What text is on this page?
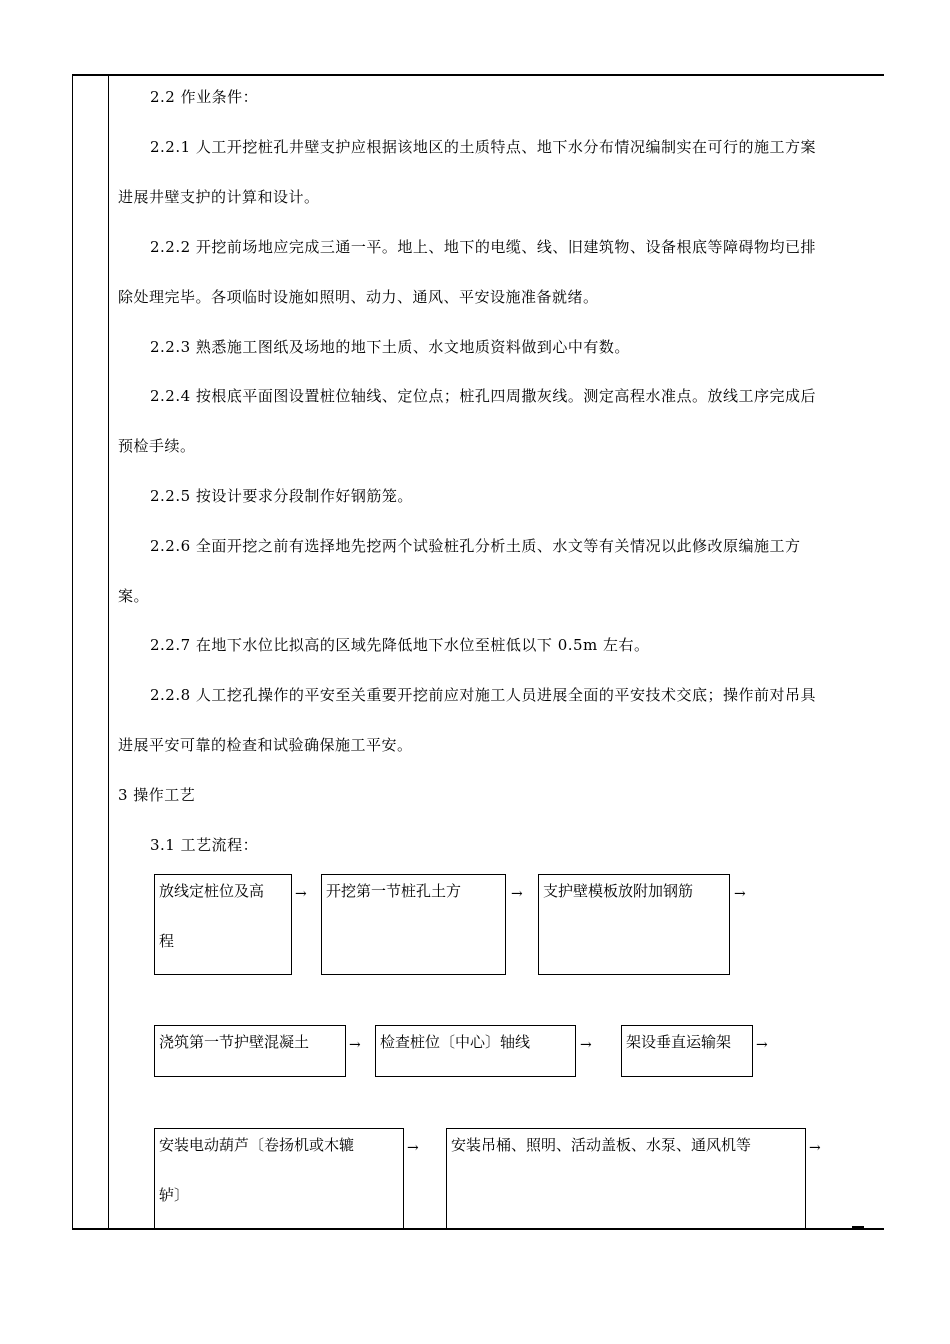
2.2 作业条件：
2.2.1 人工开挖桩孔井壁支护应根据该地区的土质特点、地下水分布情况编制实在可行的施工方案
进展井壁支护的计算和设计。
2.2.2 开挖前场地应完成三通一平。地上、地下的电缆、线、旧建筑物、设备根底等障碍物均已排
除处理完毕。各项临时设施如照明、动力、通风、平安设施准备就绪。
2.2.3 熟悉施工图纸及场地的地下土质、水文地质资料做到心中有数。
2.2.4 按根底平面图设置桩位轴线、定位点；桩孔四周撒灰线。测定高程水准点。放线工序完成后
预检手续。
2.2.5 按设计要求分段制作好钢筋笼。
2.2.6 全面开挖之前有选择地先挖两个试验桩孔分析土质、水文等有关情况以此修改原编施工方
案。
2.2.7 在地下水位比拟高的区域先降低地下水位至桩低以下 0.5m 左右。
2.2.8 人工挖孔操作的平安至关重要开挖前应对施工人员进展全面的平安技术交底；操作前对吊具
进展平安可靠的检查和试验确保施工平安。
3 操作工艺
3.1 工艺流程：
放线定桩位及高
程
→	开挖第一节桩孔土方	→	支护壁模板放附加钢筋	→
浇筑第一节护壁混凝土	→	检查桩位〔中心〕轴线	→	架设垂直运输架	→
安装电动葫芦〔卷扬机或木辘
轳〕
→	安装吊桶、照明、活动盖板、水泵、通风机等	→
